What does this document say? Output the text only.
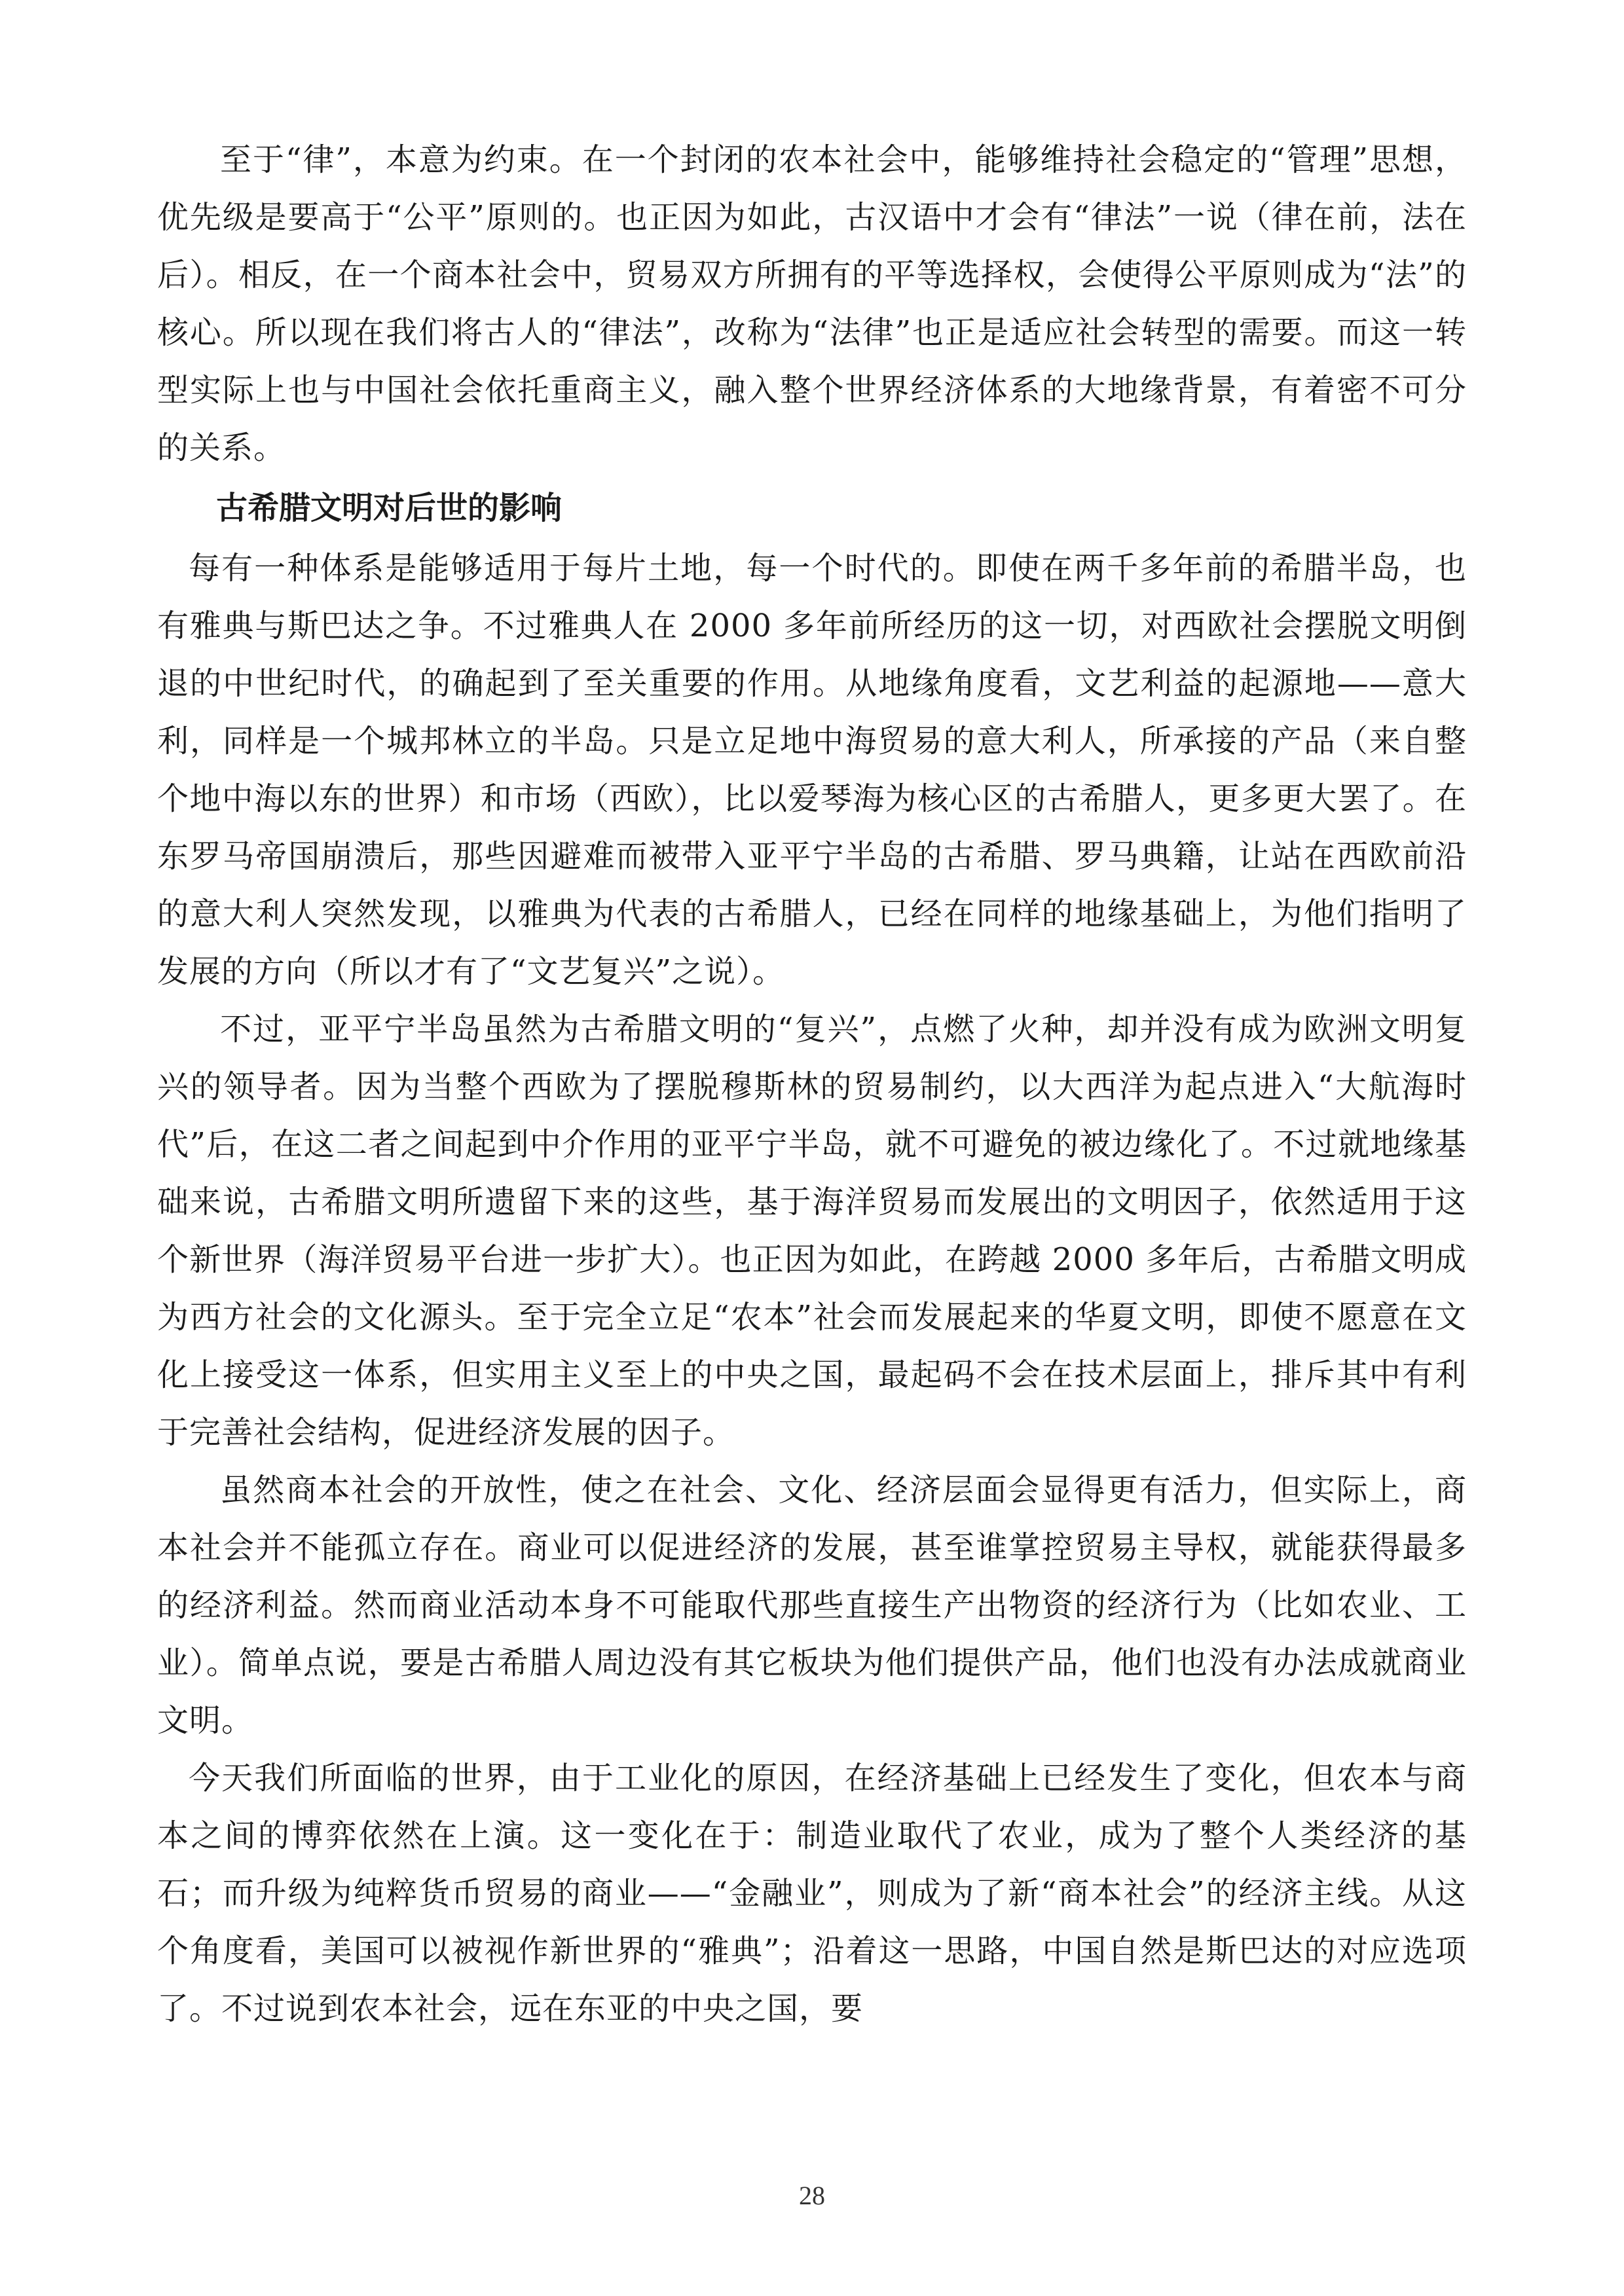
至于“律”，本意为约束。在一个封闭的农本社会中，能够维持社会稳定的“管理”思想，优先级是要高于“公平”原则的。也正因为如此，古汉语中才会有“律法”一说（律在前，法在后）。相反，在一个商本社会中，贸易双方所拥有的平等选择权，会使得公平原则成为“法”的核心。所以现在我们将古人的“律法”，改称为“法律”也正是适应社会转型的需要。而这一转型实际上也与中国社会依托重商主义，融入整个世界经济体系的大地缘背景，有着密不可分的关系。

古希腊文明对后世的影响

每有一种体系是能够适用于每片土地，每一个时代的。即使在两千多年前的希腊半岛，也有雅典与斯巴达之争。不过雅典人在 2000 多年前所经历的这一切，对西欧社会摆脱文明倒退的中世纪时代，的确起到了至关重要的作用。从地缘角度看，文艺利益的起源地——意大利，同样是一个城邦林立的半岛。只是立足地中海贸易的意大利人，所承接的产品（来自整个地中海以东的世界）和市场（西欧），比以爱琴海为核心区的古希腊人，更多更大罢了。在东罗马帝国崩溃后，那些因避难而被带入亚平宁半岛的古希腊、罗马典籍，让站在西欧前沿的意大利人突然发现，以雅典为代表的古希腊人，已经在同样的地缘基础上，为他们指明了发展的方向（所以才有了“文艺复兴”之说）。

不过，亚平宁半岛虽然为古希腊文明的“复兴”，点燃了火种，却并没有成为欧洲文明复兴的领导者。因为当整个西欧为了摆脱穆斯林的贸易制约，以大西洋为起点进入“大航海时代”后，在这二者之间起到中介作用的亚平宁半岛，就不可避免的被边缘化了。不过就地缘基础来说，古希腊文明所遗留下来的这些，基于海洋贸易而发展出的文明因子，依然适用于这个新世界（海洋贸易平台进一步扩大）。也正因为如此，在跨越 2000 多年后，古希腊文明成为西方社会的文化源头。至于完全立足“农本”社会而发展起来的华夏文明，即使不愿意在文化上接受这一体系，但实用主义至上的中央之国，最起码不会在技术层面上，排斥其中有利于完善社会结构，促进经济发展的因子。

虽然商本社会的开放性，使之在社会、文化、经济层面会显得更有活力，但实际上，商本社会并不能孤立存在。商业可以促进经济的发展，甚至谁掌控贸易主导权，就能获得最多的经济利益。然而商业活动本身不可能取代那些直接生产出物资的经济行为（比如农业、工业）。简单点说，要是古希腊人周边没有其它板块为他们提供产品，他们也没有办法成就商业文明。

今天我们所面临的世界，由于工业化的原因，在经济基础上已经发生了变化，但农本与商本之间的博弈依然在上演。这一变化在于：制造业取代了农业，成为了整个人类经济的基石；而升级为纯粹货币贸易的商业——“金融业”，则成为了新“商本社会”的经济主线。从这个角度看，美国可以被视作新世界的“雅典”；沿着这一思路，中国自然是斯巴达的对应选项了。不过说到农本社会，远在东亚的中央之国，要

28
